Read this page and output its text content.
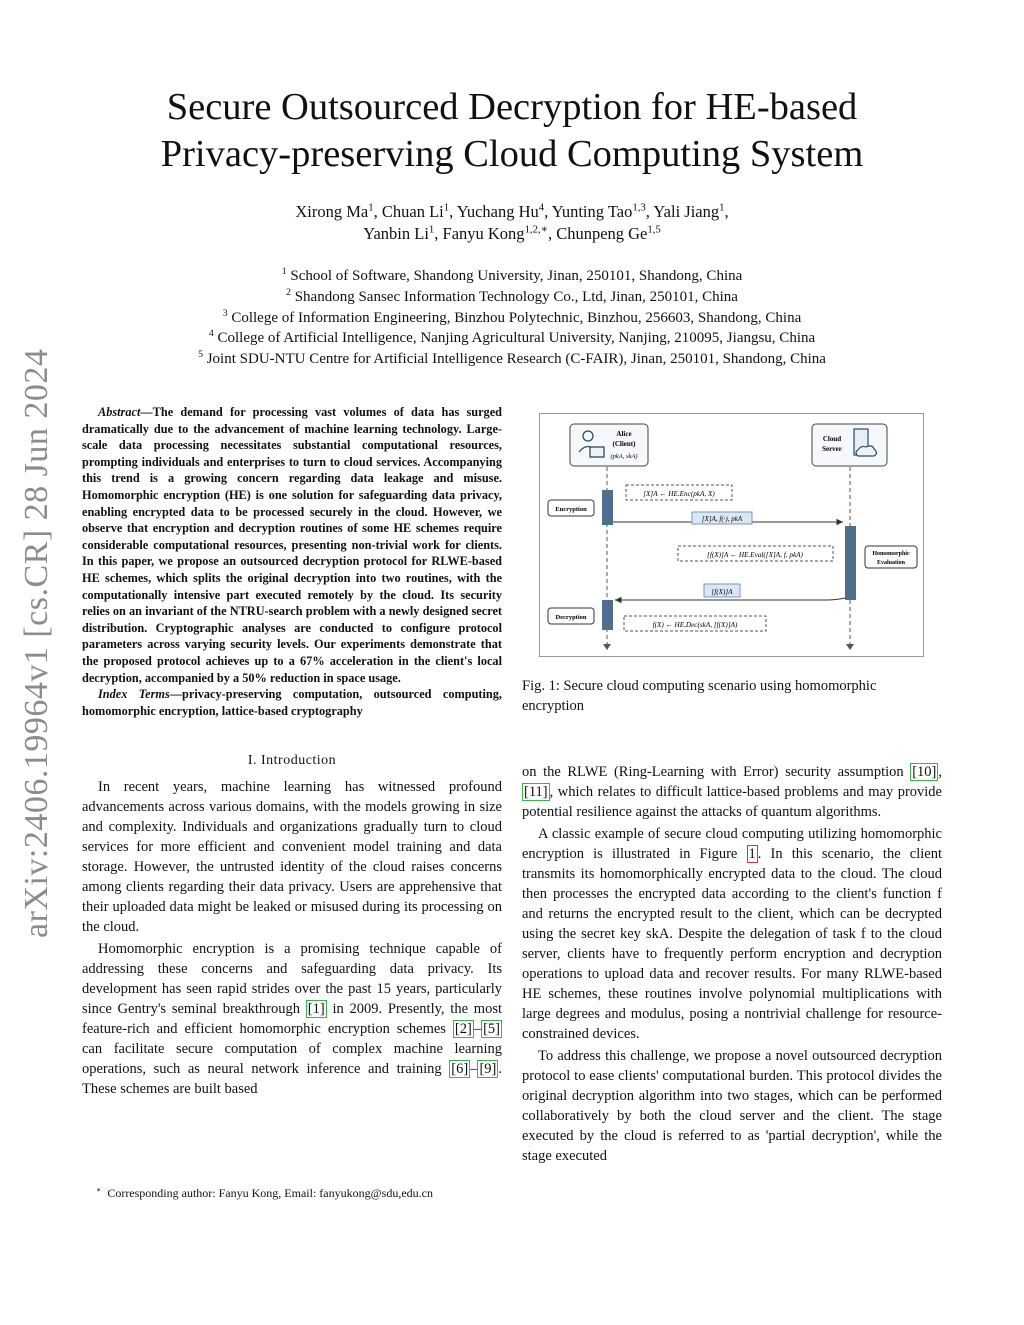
arXiv:2406.19964v1 [cs.CR] 28 Jun 2024
Secure Outsourced Decryption for HE-based
Privacy-preserving Cloud Computing System
Xirong Ma$^1$, Chuan Li$^1$, Yuchang Hu$^4$, Yunting Tao$^{1,3}$, Yali Jiang$^1$,
Yanbin Li$^1$, Fanyu Kong$^{1,2,∗}$, Chunpeng Ge$^{1,5}$
$^1$ School of Software, Shandong University, Jinan, 250101, Shandong, China
$^2$ Shandong Sansec Information Technology Co., Ltd, Jinan, 250101, China
$^3$ College of Information Engineering, Binzhou Polytechnic, Binzhou, 256603, Shandong, China
$^4$ College of Artificial Intelligence, Nanjing Agricultural University, Nanjing, 210095, Jiangsu, China
$^5$ Joint SDU-NTU Centre for Artificial Intelligence Research (C-FAIR), Jinan, 250101, Shandong, China

Abstract—The demand for processing vast volumes of data has surged dramatically due to the advancement of machine learning technology. Large-scale data processing necessitates substantial computational resources, prompting individuals and enterprises to turn to cloud services. Accompanying this trend is a growing concern regarding data leakage and misuse. Homomorphic encryption (HE) is one solution for safeguarding data privacy, enabling encrypted data to be processed securely in the cloud. However, we observe that encryption and decryption routines of some HE schemes require considerable computational resources, presenting non-trivial work for clients. In this paper, we propose an outsourced decryption protocol for RLWE-based HE schemes, which splits the original decryption into two routines, with the computationally intensive part executed remotely by the cloud. Its security relies on an invariant of the NTRU-search problem with a newly designed secret distribution. Cryptographic analyses are conducted to configure protocol parameters across varying security levels. Our experiments demonstrate that the proposed protocol achieves up to a 67% acceleration in the client's local decryption, accompanied by a 50% reduction in space usage.

Index Terms—privacy-preserving computation, outsourced computing, homomorphic encryption, lattice-based cryptography

I. Introduction

In recent years, machine learning has witnessed profound advancements across various domains, with the models growing in size and complexity. Individuals and organizations gradually turn to cloud services for more efficient and convenient model training and data storage. However, the untrusted identity of the cloud raises concerns among clients regarding their data privacy. Users are apprehensive that their uploaded data might be leaked or misused during its processing on the cloud.

Homomorphic encryption is a promising technique capable of addressing these concerns and safeguarding data privacy. Its development has seen rapid strides over the past 15 years, particularly since Gentry's seminal breakthrough [1] in 2009. Presently, the most feature-rich and efficient homomorphic encryption schemes [2] – [5] can facilitate secure computation of complex machine learning operations, such as neural network inference and training [6] – [9] . These schemes are built based

∗ Corresponding author: Fanyu Kong, Email: fanyukong@sdu,edu.cn
Alice
(Client)
(pkA, skA)
Cloud
Server
Encryption
Decryption
Homomorphic
Evaluation
[X]A ← HE.Enc(pkA, X)
[X]A, f(·), pkA
[f(X)]A ← HE.Eval([X]A, f, pkA)
[f(X)]A
f(X) ← HE.Dec(skA, [f(X)]A)
Fig. 1: Secure cloud computing scenario using homomorphic encryption

on the RLWE (Ring-Learning with Error) security assumption [10] , [11] , which relates to difficult lattice-based problems and may provide potential resilience against the attacks of quantum algorithms.

A classic example of secure cloud computing utilizing homomorphic encryption is illustrated in Figure 1 . In this scenario, the client transmits its homomorphically encrypted data to the cloud. The cloud then processes the encrypted data according to the client's function f and returns the encrypted result to the client, which can be decrypted using the secret key skA. Despite the delegation of task f to the cloud server, clients have to frequently perform encryption and decryption operations to upload data and recover results. For many RLWE-based HE schemes, these routines involve polynomial multiplications with large degrees and modulus, posing a nontrivial challenge for resource-constrained devices.

To address this challenge, we propose a novel outsourced decryption protocol to ease clients' computational burden. This protocol divides the original decryption algorithm into two stages, which can be performed collaboratively by both the cloud server and the client. The stage executed by the cloud is referred to as 'partial decryption', while the stage executed
